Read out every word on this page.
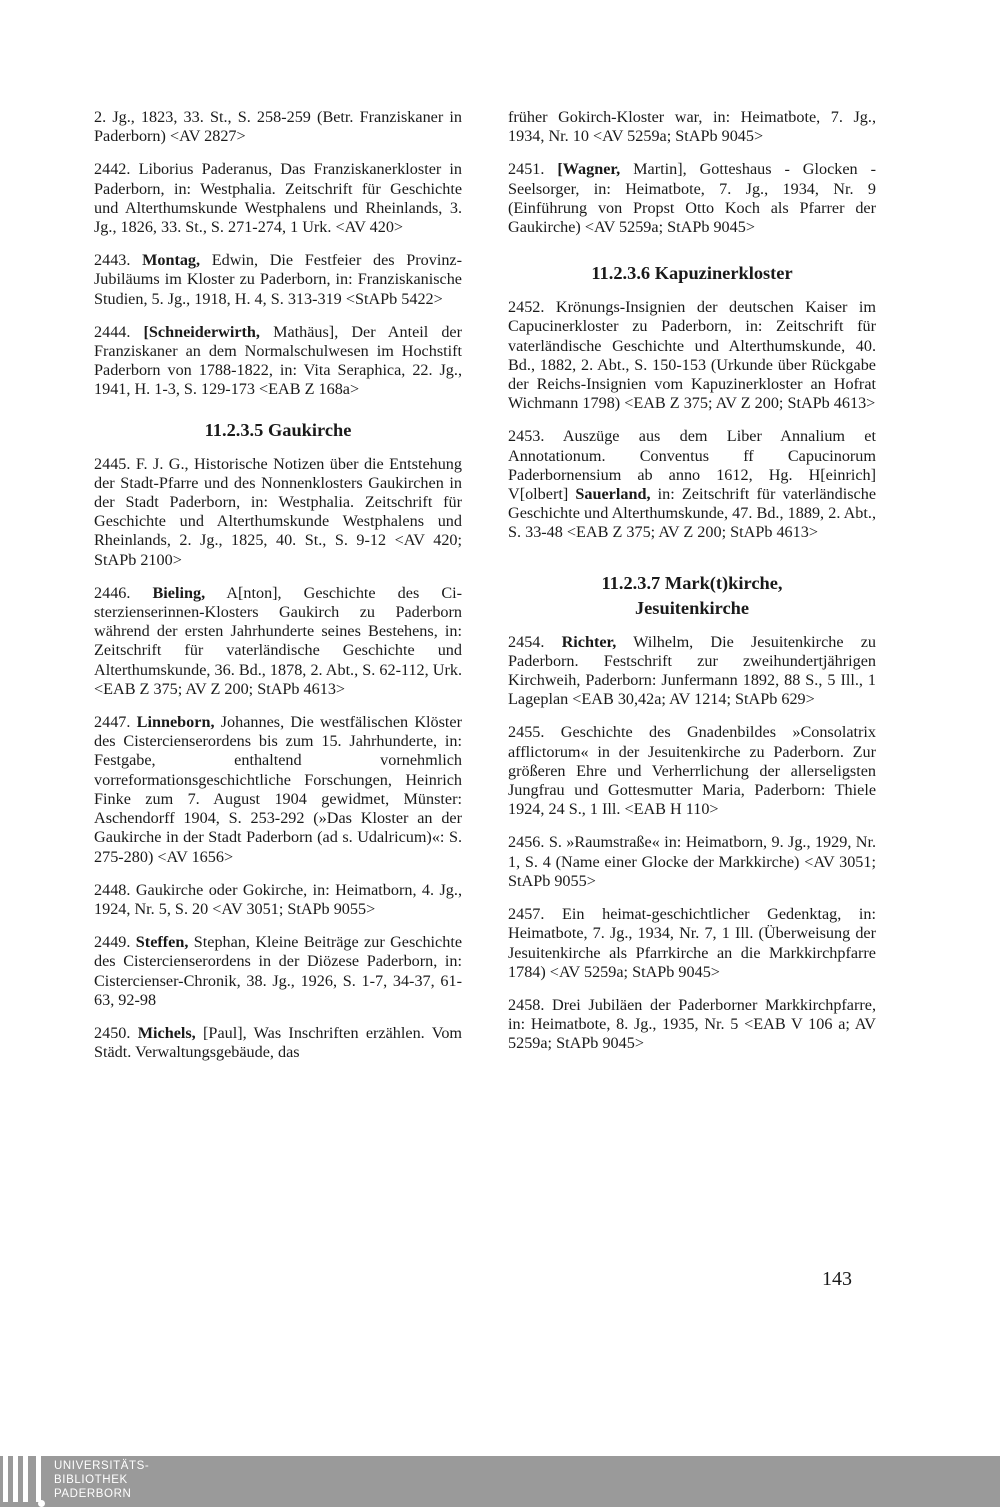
2. Jg., 1823, 33. St., S. 258-259 (Betr. Franziskaner in Paderborn) <AV 2827>

2442. Liborius Paderanus, Das Franziskanerkloster in Paderborn, in: Westphalia. Zeitschrift für Geschichte und Alterthumskunde Westphalens und Rheinlands, 3. Jg., 1826, 33. St., S. 271-274, 1 Urk. <AV 420>

2443. Montag, Edwin, Die Festfeier des Provinz-Jubiläums im Kloster zu Paderborn, in: Franziskanische Studien, 5. Jg., 1918, H. 4, S. 313-319 <StAPb 5422>

2444. [Schneiderwirth, Mathäus], Der Anteil der Franziskaner an dem Normalschulwesen im Hochstift Paderborn von 1788-1822, in: Vita Seraphica, 22. Jg., 1941, H. 1-3, S. 129-173 <EAB Z 168a>

11.2.3.5 Gaukirche

2445. F. J. G., Historische Notizen über die Entstehung der Stadt-Pfarre und des Nonnenklosters Gaukirchen in der Stadt Paderborn, in: Westphalia. Zeitschrift für Geschichte und Alterthumskunde Westphalens und Rheinlands, 2. Jg., 1825, 40. St., S. 9-12 <AV 420; StAPb 2100>

2446. Bieling, A[nton], Geschichte des Cisterzienserinnen-Klosters Gaukirch zu Paderborn während der ersten Jahrhunderte seines Bestehens, in: Zeitschrift für vaterländische Geschichte und Alterthumskunde, 36. Bd., 1878, 2. Abt., S. 62-112, Urk. <EAB Z 375; AV Z 200; StAPb 4613>

2447. Linneborn, Johannes, Die westfälischen Klöster des Cistercienserordens bis zum 15. Jahrhunderte, in: Festgabe, enthaltend vornehmlich vorreformationsgeschichtliche Forschungen, Heinrich Finke zum 7. August 1904 gewidmet, Münster: Aschendorff 1904, S. 253-292 (»Das Kloster an der Gaukirche in der Stadt Paderborn (ad s. Udalricum)«: S. 275-280) <AV 1656>

2448. Gaukirche oder Gokirche, in: Heimatborn, 4. Jg., 1924, Nr. 5, S. 20 <AV 3051; StAPb 9055>

2449. Steffen, Stephan, Kleine Beiträge zur Geschichte des Cistercienserordens in der Diözese Paderborn, in: Cistercienser-Chronik, 38. Jg., 1926, S. 1-7, 34-37, 61-63, 92-98

2450. Michels, [Paul], Was Inschriften erzählen. Vom Städt. Verwaltungsgebäude, das

früher Gokirch-Kloster war, in: Heimatbote, 7. Jg., 1934, Nr. 10 <AV 5259a; StAPb 9045>

2451. [Wagner, Martin], Gotteshaus - Glocken - Seelsorger, in: Heimatbote, 7. Jg., 1934, Nr. 9 (Einführung von Propst Otto Koch als Pfarrer der Gaukirche) <AV 5259a; StAPb 9045>

11.2.3.6 Kapuzinerkloster

2452. Krönungs-Insignien der deutschen Kaiser im Capucinerkloster zu Paderborn, in: Zeitschrift für vaterländische Geschichte und Alterthumskunde, 40. Bd., 1882, 2. Abt., S. 150-153 (Urkunde über Rückgabe der Reichs-Insignien vom Kapuzinerkloster an Hofrat Wichmann 1798) <EAB Z 375; AV Z 200; StAPb 4613>

2453. Auszüge aus dem Liber Annalium et Annotationum. Conventus ff Capucinorum Paderbornensium ab anno 1612, Hg. H[einrich] V[olbert] Sauerland, in: Zeitschrift für vaterländische Geschichte und Alterthumskunde, 47. Bd., 1889, 2. Abt., S. 33-48 <EAB Z 375; AV Z 200; StAPb 4613>

11.2.3.7 Mark(t)kirche,
Jesuitenkirche

2454. Richter, Wilhelm, Die Jesuitenkirche zu Paderborn. Festschrift zur zweihundertjährigen Kirchweih, Paderborn: Junfermann 1892, 88 S., 5 Ill., 1 Lageplan <EAB 30,42a; AV 1214; StAPb 629>

2455. Geschichte des Gnadenbildes »Consolatrix afflictorum« in der Jesuitenkirche zu Paderborn. Zur größeren Ehre und Verherrlichung der allerseligsten Jungfrau und Gottesmutter Maria, Paderborn: Thiele 1924, 24 S., 1 Ill. <EAB H 110>

2456. S. »Raumstraße« in: Heimatborn, 9. Jg., 1929, Nr. 1, S. 4 (Name einer Glocke der Markkirche) <AV 3051; StAPb 9055>

2457. Ein heimat-geschichtlicher Gedenktag, in: Heimatbote, 7. Jg., 1934, Nr. 7, 1 Ill. (Überweisung der Jesuitenkirche als Pfarrkirche an die Markkirchpfarre 1784) <AV 5259a; StAPb 9045>

2458. Drei Jubiläen der Paderborner Markkirchpfarre, in: Heimatbote, 8. Jg., 1935, Nr. 5 <EAB V 106 a; AV 5259a; StAPb 9045>

143
UNIVERSITÄTS-
BIBLIOTHEK
PADERBORN
